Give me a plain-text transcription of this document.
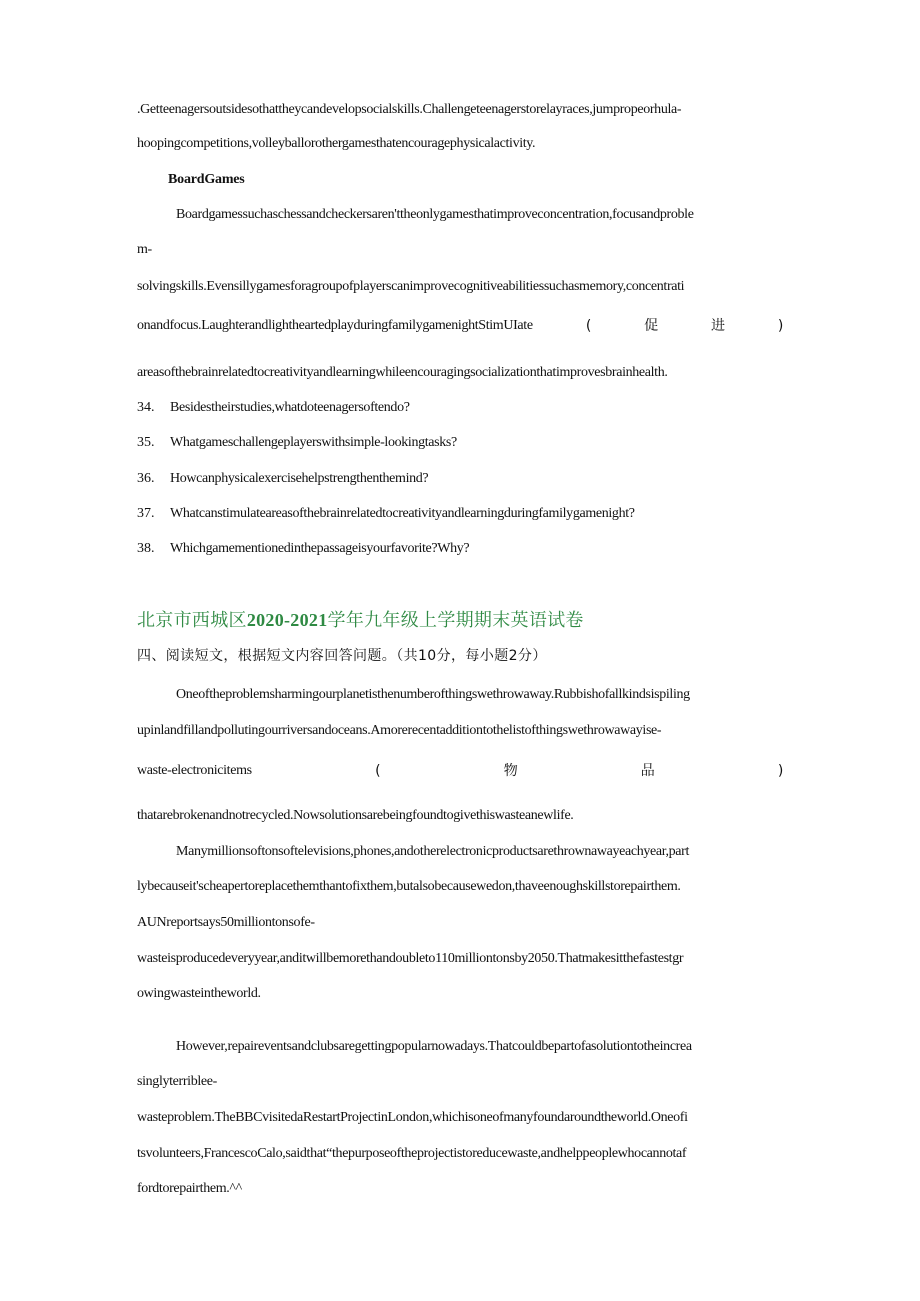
.Getteenagersoutsidesothattheycandevelopsocialskills.Challengeteenagerstorelayraces,jumpropeorhula-
hoopingcompetitions,volleyballorothergamesthatencouragephysicalactivity.
BoardGames
Boardgamessuchaschessandcheckersaren'ttheonlygamesthatimproveconcentration,focusandproble
m-
solvingskills.Evensillygamesforagroupofplayerscanimprovecognitiveabilitiessuchasmemory,concentrati
onandfocus.LaughterandlightheartedplayduringfamilygamenightStimUIate	(	促	进	)
areasofthebrainrelatedtocreativityandlearningwhileencouragingsocializationthatimprovesbrainhealth.
34. Besidestheirstudies,whatdoteenagersoftendo?
35. Whatgameschallengeplayerswithsimple-lookingtasks?
36. Howcanphysicalexercisehelpstrengthenthemind?
37. Whatcanstimulateareasofthebrainrelatedtocreativityandlearningduringfamilygamenight?
38. Whichgamementionedinthepassageisyourfavorite?Why?
北京市西城区2020-2021学年九年级上学期期末英语试卷
四、阅读短文，根据短文内容回答问题。（共10分，每小题2分）
Oneoftheproblemsharmingourplanetisthenumberofthingswethrowaway.Rubbishofallkindsispiling
upinlandfillandpollutingourriversandoceans.Amorerecentadditiontothelistofthingswethrowawayise-
waste-electronicitems	(	物	品	)
thatarebrokenandnotrecycled.Nowsolutionsarebeingfoundtogivethiswasteanewlife.
Manymillionsoftonsoftelevisions,phones,andotherelectronicproductsarethrownawayeachyear,part
lybecauseit'scheapertoreplacethemthantofixthem,butalsobecausewedon,thaveenoughskillstorepairthem.
AUNreportsays50milliontonsofe-
wasteisproducedeveryyear,anditwillbemorethandoubleto110milliontonsby2050.Thatmakesitthefastestgr
owingwasteintheworld.
However,repaireventsandclubsaregettingpopularnowadays.Thatcouldbepartofasolutiontotheincrea
singlyterriblee-
wasteproblem.TheBBCvisitedaRestartProjectinLondon,whichisoneofmanyfoundaroundtheworld.Oneofi
tsvolunteers,FrancescoCalo,saidthat“thepurposeoftheprojectistoreducewaste,andhelppeoplewhocannotaf
fordtorepairthem.^^
